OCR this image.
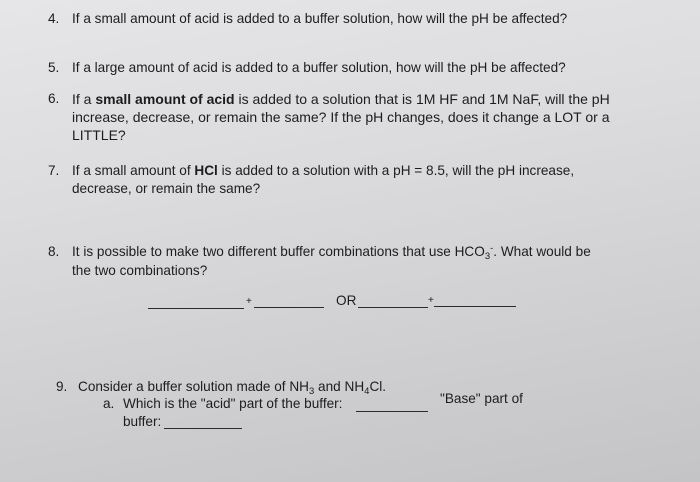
4. If a small amount of acid is added to a buffer solution, how will the pH be affected?
5. If a large amount of acid is added to a buffer solution, how will the pH be affected?
6. If a small amount of acid is added to a solution that is 1M HF and 1M NaF, will the pH
increase, decrease, or remain the same? If the pH changes, does it change a LOT or a
LITTLE?
7. If a small amount of HCl is added to a solution with a pH = 8.5, will the pH increase,
decrease, or remain the same?
8. It is possible to make two different buffer combinations that use $HCO_3^-$. What would be
the two combinations?
+	OR	+
9. Consider a buffer solution made of $NH_3$ and $NH_4Cl$.
a. Which is the "acid" part of the buffer:	"Base" part of
buffer:
